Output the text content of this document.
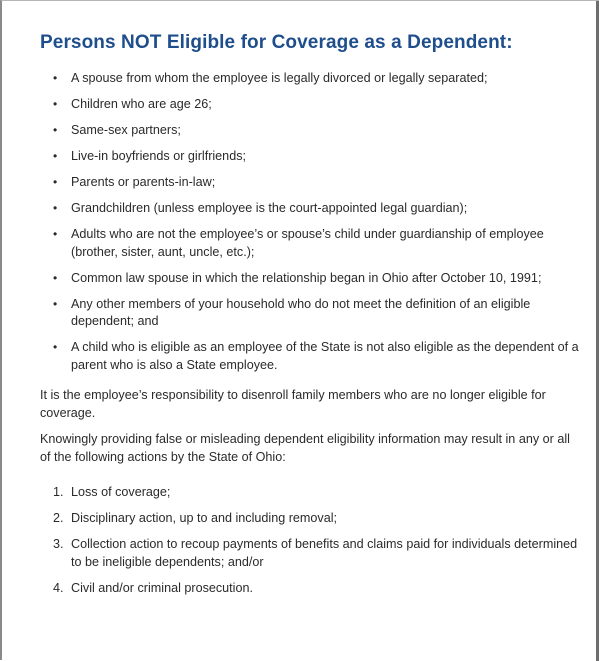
Persons NOT Eligible for Coverage as a Dependent:
• A spouse from whom the employee is legally divorced or legally separated;
• Children who are age 26;
• Same-sex partners;
• Live-in boyfriends or girlfriends;
• Parents or parents-in-law;
• Grandchildren (unless employee is the court-appointed legal guardian);
• Adults who are not the employee’s or spouse’s child under guardianship of employee (brother, sister, aunt, uncle, etc.);
• Common law spouse in which the relationship began in Ohio after October 10, 1991;
• Any other members of your household who do not meet the definition of an eligible dependent; and
• A child who is eligible as an employee of the State is not also eligible as the dependent of a parent who is also a State employee.

It is the employee’s responsibility to disenroll family members who are no longer eligible for coverage.

Knowingly providing false or misleading dependent eligibility information may result in any or all of the following actions by the State of Ohio:

1. Loss of coverage;
2. Disciplinary action, up to and including removal;
3. Collection action to recoup payments of benefits and claims paid for individuals determined to be ineligible dependents; and/or
4. Civil and/or criminal prosecution.
